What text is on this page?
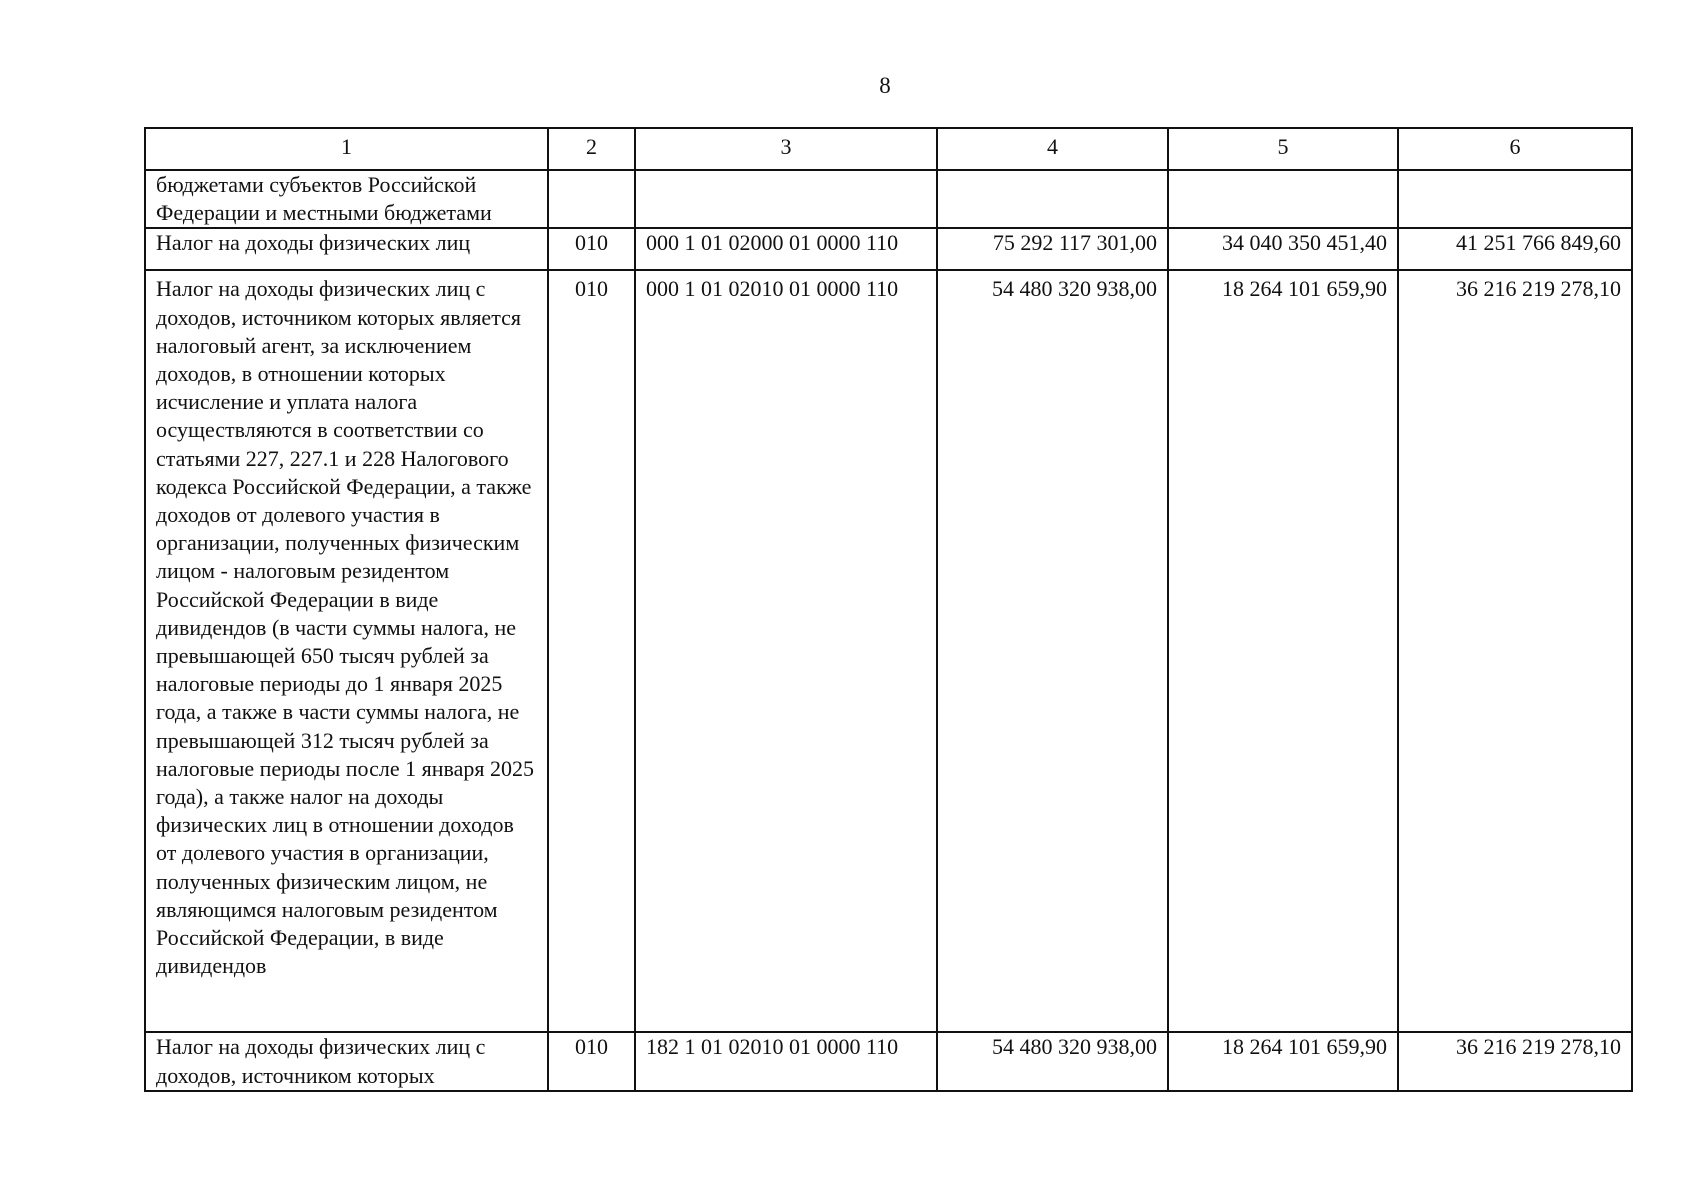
8
1	2	3	4	5	6
бюджетами субъектов Российской Федерации и местными бюджетами					
Налог на доходы физических лиц	010	000 1 01 02000 01 0000 110	75 292 117 301,00	34 040 350 451,40	41 251 766 849,60
Налог на доходы физических лиц с доходов, источником которых является налоговый агент, за исключением доходов, в отношении которых исчисление и уплата налога осуществляются в соответствии со статьями 227, 227.1 и 228 Налогового кодекса Российской Федерации, а также доходов от долевого участия в организации, полученных физическим лицом - налоговым резидентом Российской Федерации в виде дивидендов (в части суммы налога, не превышающей 650 тысяч рублей за налоговые периоды до 1 января 2025 года, а также в части суммы налога, не превышающей 312 тысяч рублей за налоговые периоды после 1 января 2025 года), а также налог на доходы физических лиц в отношении доходов от долевого участия в организации, полученных физическим лицом, не являющимся налоговым резидентом Российской Федерации, в виде дивидендов	010	000 1 01 02010 01 0000 110	54 480 320 938,00	18 264 101 659,90	36 216 219 278,10
Налог на доходы физических лиц с доходов, источником которых	010	182 1 01 02010 01 0000 110	54 480 320 938,00	18 264 101 659,90	36 216 219 278,10
